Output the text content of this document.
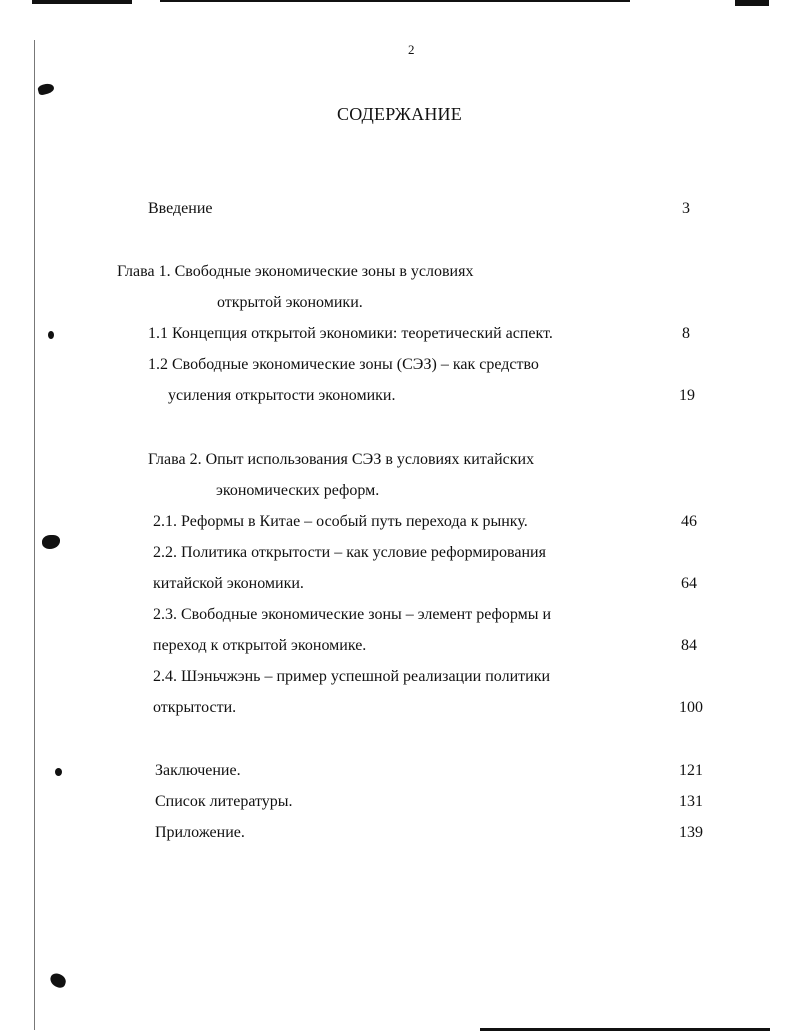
2
СОДЕРЖАНИЕ
Введение	3
Глава 1. Свободные экономические зоны в условиях
открытой экономики.
1.1 Концепция открытой экономики: теоретический аспект.	8
1.2 Свободные экономические зоны (СЭЗ) – как средство
усиления открытости экономики.	19
Глава 2. Опыт использования СЭЗ в условиях китайских
экономических реформ.
2.1. Реформы в Китае – особый путь перехода к рынку.	46
2.2. Политика открытости – как условие реформирования
китайской экономики.	64
2.3. Свободные экономические зоны – элемент реформы и
переход к открытой экономике.	84
2.4. Шэньчжэнь – пример успешной реализации политики
открытости.	100
Заключение.	121
Список литературы.	131
Приложение.	139
